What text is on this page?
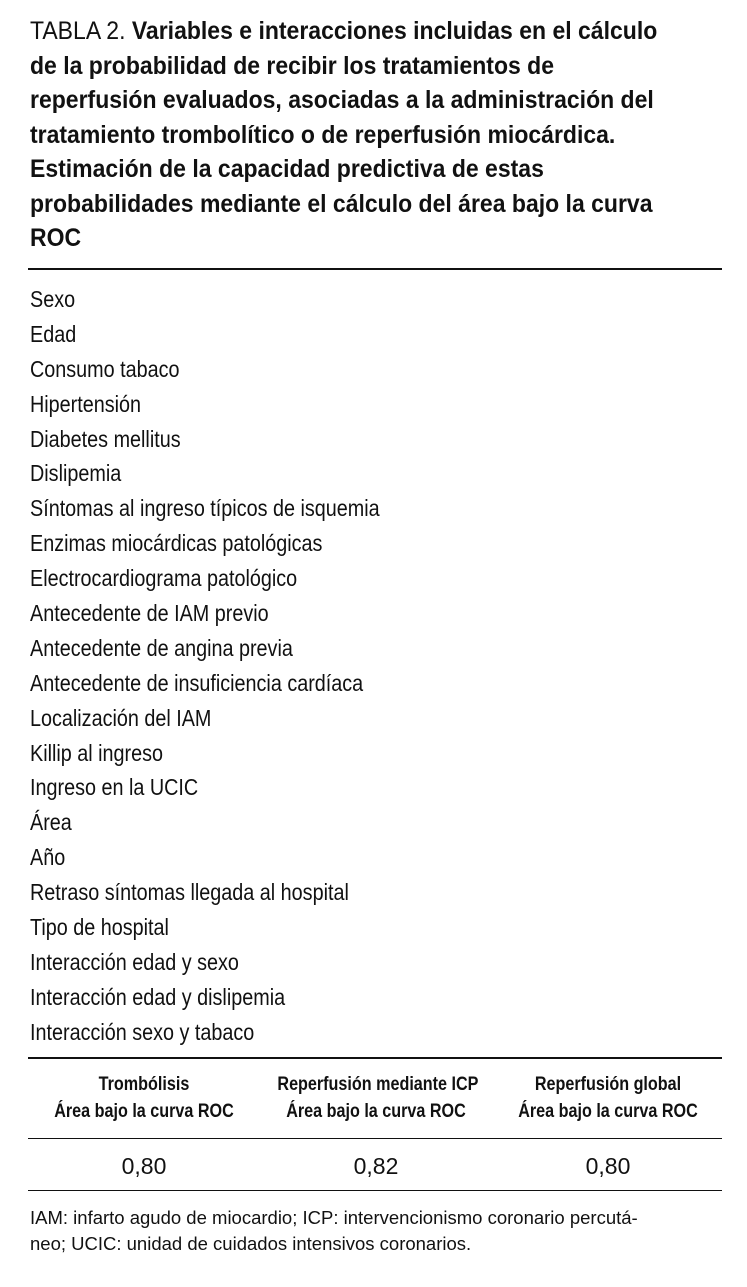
TABLA 2. Variables e interacciones incluidas en el cálculo de la probabilidad de recibir los tratamientos de reperfusión evaluados, asociadas a la administración del tratamiento trombolítico o de reperfusión miocárdica. Estimación de la capacidad predictiva de estas probabilidades mediante el cálculo del área bajo la curva ROC
Sexo
Edad
Consumo tabaco
Hipertensión
Diabetes mellitus
Dislipemia
Síntomas al ingreso típicos de isquemia
Enzimas miocárdicas patológicas
Electrocardiograma patológico
Antecedente de IAM previo
Antecedente de angina previa
Antecedente de insuficiencia cardíaca
Localización del IAM
Killip al ingreso
Ingreso en la UCIC
Área
Año
Retraso síntomas llegada al hospital
Tipo de hospital
Interacción edad y sexo
Interacción edad y dislipemia
Interacción sexo y tabaco
Trombólisis
Área bajo la curva ROC
Reperfusión mediante ICP
Área bajo la curva ROC
Reperfusión global
Área bajo la curva ROC
0,80	0,82	0,80
IAM: infarto agudo de miocardio; ICP: intervencionismo coronario percutá-
neo; UCIC: unidad de cuidados intensivos coronarios.
